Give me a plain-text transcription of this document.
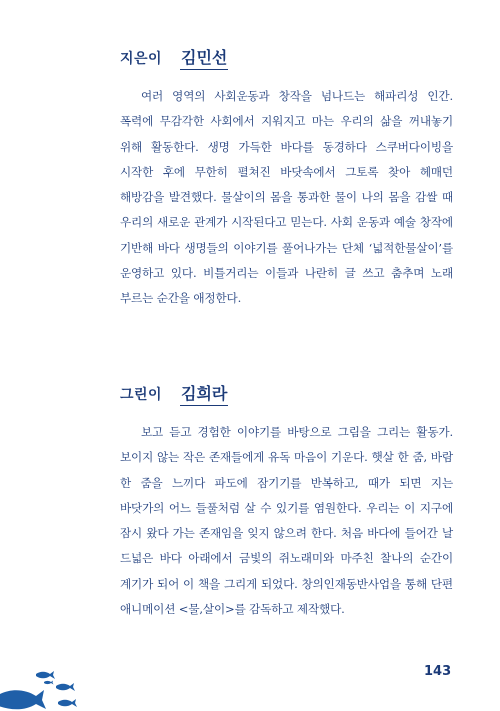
지은이	김민선

여러 영역의 사회운동과 창작을 넘나드는 해파리성 인간. 폭력에 무감각한 사회에서 지워지고 마는 우리의 삶을 꺼내놓기 위해 활동한다. 생명 가득한 바다를 동경하다 스쿠버다이빙을 시작한 후에 무한히 펼쳐진 바닷속에서 그토록 찾아 헤매던 해방감을 발견했다. 물살이의 몸을 통과한 물이 나의 몸을 감쌀 때 우리의 새로운 관계가 시작된다고 믿는다. 사회 운동과 예술 창작에 기반해 바다 생명들의 이야기를 풀어나가는 단체 ‘넓적한물살이’를 운영하고 있다. 비틀거리는 이들과 나란히 글 쓰고 춤추며 노래 부르는 순간을 애정한다.

그린이	김희라

보고 듣고 경험한 이야기를 바탕으로 그림을 그리는 활동가. 보이지 않는 작은 존재들에게 유독 마음이 기운다. 햇살 한 줌, 바람 한 줌을 느끼다 파도에 잠기기를 반복하고, 때가 되면 지는 바닷가의 어느 들풀처럼 살 수 있기를 염원한다. 우리는 이 지구에 잠시 왔다 가는 존재임을 잊지 않으려 한다. 처음 바다에 들어간 날 드넓은 바다 아래에서 금빛의 쥐노래미와 마주친 찰나의 순간이 계기가 되어 이 책을 그리게 되었다. 창의인재동반사업을 통해 단편 애니메이션 <물,살이>를 감독하고 제작했다.

143
